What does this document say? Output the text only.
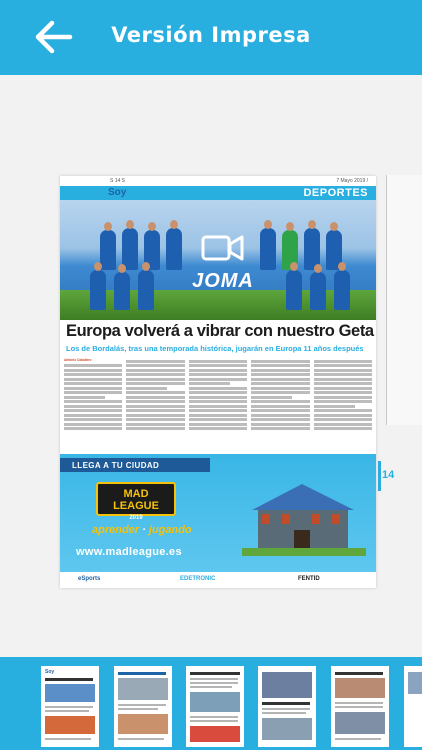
Versión Impresa
14
S 14 S	7 Mayo 2019 /
DEPORTES
Soy
JOMA
Europa volverá a vibrar con nuestro Geta
Los de Bordalás, tras una temporada histórica, jugarán en Europa 11 años después
Antonio Caballero
LLEGA A TU CIUDAD
MAD
LEAGUE
2019
aprender · jugando
www.madleague.es
eSports	EDETRONIC	FENTID
Soy
